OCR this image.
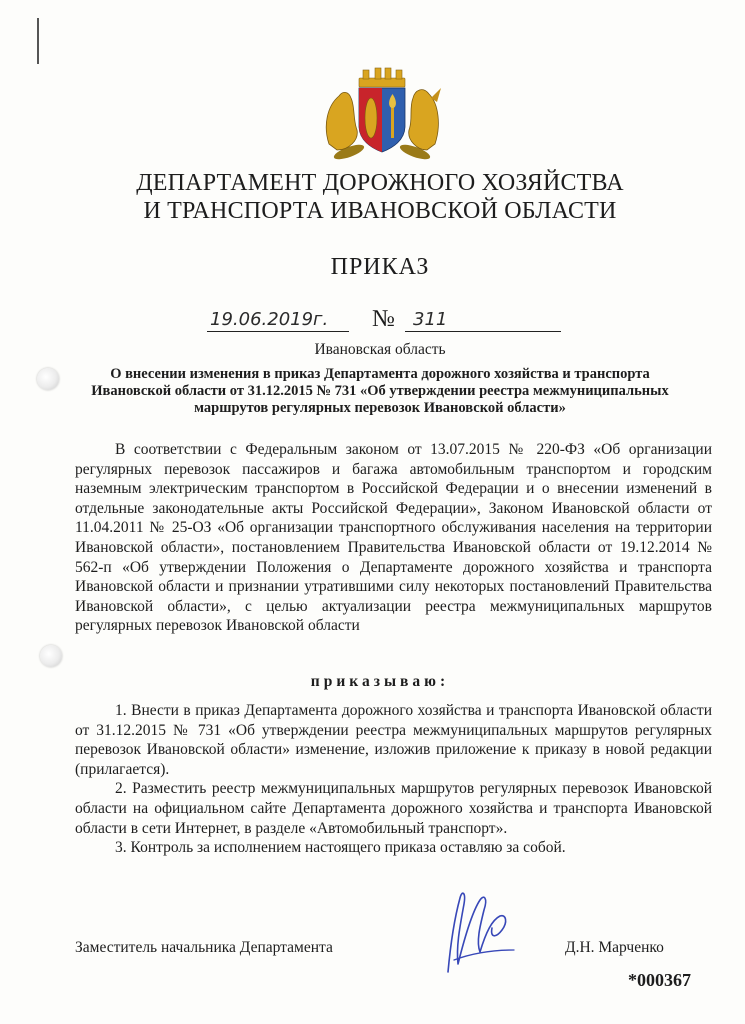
ДЕПАРТАМЕНТ ДОРОЖНОГО ХОЗЯЙСТВА
И ТРАНСПОРТА ИВАНОВСКОЙ ОБЛАСТИ
ПРИКАЗ
19.06.2019г. № 311
Ивановская область
О внесении изменения в приказ Департамента дорожного хозяйства и транспорта Ивановской области от 31.12.2015 № 731 «Об утверждении реестра межмуниципальных маршрутов регулярных перевозок Ивановской области»
В соответствии с Федеральным законом от 13.07.2015 № 220-ФЗ «Об организации регулярных перевозок пассажиров и багажа автомобильным транспортом и городским наземным электрическим транспортом в Российской Федерации и о внесении изменений в отдельные законодательные акты Российской Федерации», Законом Ивановской области от 11.04.2011 № 25-ОЗ «Об организации транспортного обслуживания населения на территории Ивановской области», постановлением Правительства Ивановской области от 19.12.2014 № 562-п «Об утверждении Положения о Департаменте дорожного хозяйства и транспорта Ивановской области и признании утратившими силу некоторых постановлений Правительства Ивановской области», с целью актуализации реестра межмуниципальных маршрутов регулярных перевозок Ивановской области
приказываю:

1. Внести в приказ Департамента дорожного хозяйства и транспорта Ивановской области от 31.12.2015 № 731 «Об утверждении реестра межмуниципальных маршрутов регулярных перевозок Ивановской области» изменение, изложив приложение к приказу в новой редакции (прилагается).

2. Разместить реестр межмуниципальных маршрутов регулярных перевозок Ивановской области на официальном сайте Департамента дорожного хозяйства и транспорта Ивановской области в сети Интернет, в разделе «Автомобильный транспорт».

3. Контроль за исполнением настоящего приказа оставляю за собой.

Заместитель начальника Департамента	Д.Н. Марченко
*000367
